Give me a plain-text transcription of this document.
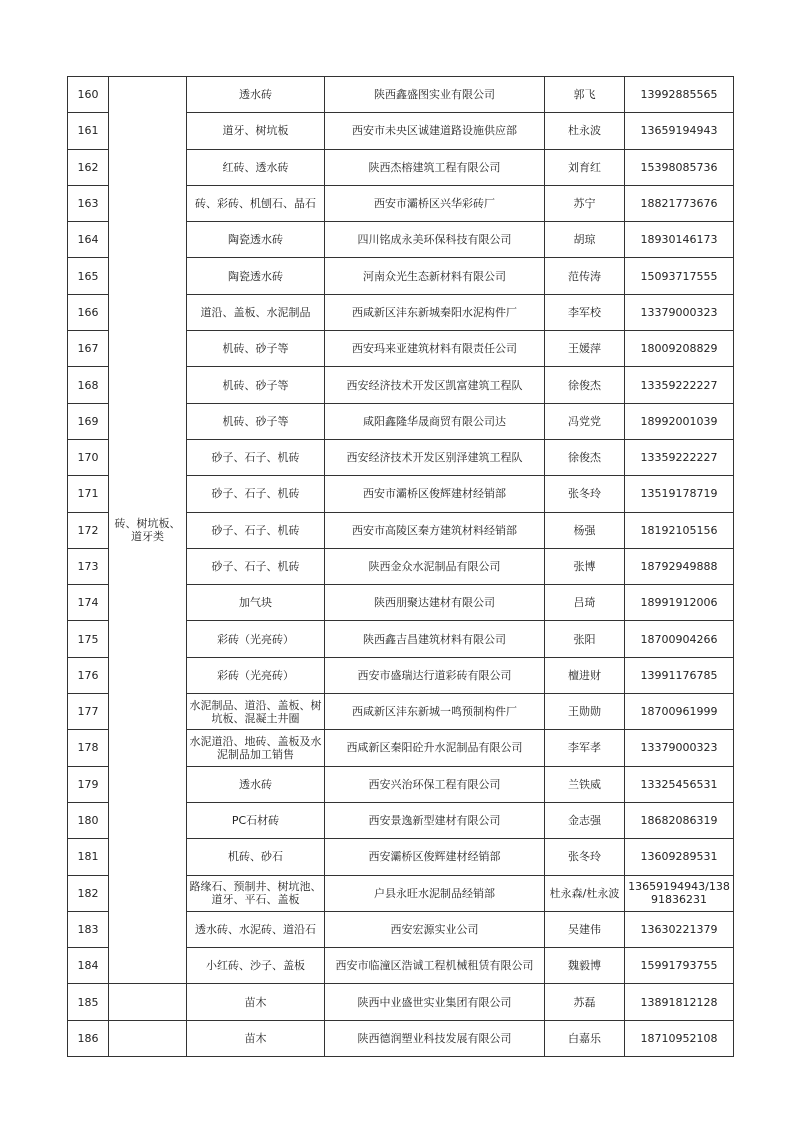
160	砖、树坑板、道牙类	透水砖	陕西鑫盛图实业有限公司	郭飞	13992885565
161		道牙、树坑板	西安市未央区诚建道路设施供应部	杜永波	13659194943
162		红砖、透水砖	陕西杰榕建筑工程有限公司	刘育红	15398085736
163		砖、彩砖、机刨石、晶石	西安市灞桥区兴华彩砖厂	苏宁	18821773676
164		陶瓷透水砖	四川铭成永美环保科技有限公司	胡琼	18930146173
165		陶瓷透水砖	河南众光生态新材料有限公司	范传涛	15093717555
166		道沿、盖板、水泥制品	西咸新区沣东新城秦阳水泥构件厂	李军校	13379000323
167		机砖、砂子等	西安玛来亚建筑材料有限责任公司	王媛萍	18009208829
168		机砖、砂子等	西安经济技术开发区凯富建筑工程队	徐俊杰	13359222227
169		机砖、砂子等	咸阳鑫隆华晟商贸有限公司达	冯党党	18992001039
170		砂子、石子、机砖	西安经济技术开发区别泽建筑工程队	徐俊杰	13359222227
171		砂子、石子、机砖	西安市灞桥区俊辉建材经销部	张冬玲	13519178719
172		砂子、石子、机砖	西安市高陵区秦方建筑材料经销部	杨强	18192105156
173		砂子、石子、机砖	陕西金众水泥制品有限公司	张博	18792949888
174		加气块	陕西朋聚达建材有限公司	吕琦	18991912006
175		彩砖（光亮砖）	陕西鑫吉昌建筑材料有限公司	张阳	18700904266
176		彩砖（光亮砖）	西安市盛瑞达行道彩砖有限公司	檀进财	13991176785
177		水泥制品、道沿、盖板、树坑板、混凝土井圈	西咸新区沣东新城一鸣预制构件厂	王勋勋	18700961999
178		水泥道沿、地砖、盖板及水泥制品加工销售	西咸新区秦阳砼升水泥制品有限公司	李军孝	13379000323
179		透水砖	西安兴治环保工程有限公司	兰铁威	13325456531
180		PC石材砖	西安景逸新型建材有限公司	金志强	18682086319
181		机砖、砂石	西安灞桥区俊辉建材经销部	张冬玲	13609289531
182		路缘石、预制井、树坑池、道牙、平石、盖板	户县永旺水泥制品经销部	杜永森/杜永波	13659194943/13891836231
183		透水砖、水泥砖、道沿石	西安宏源实业公司	吴建伟	13630221379
184		小红砖、沙子、盖板	西安市临潼区浩诚工程机械租赁有限公司	魏毅博	15991793755
185		苗木	陕西中业盛世实业集团有限公司	苏磊	13891812128
186		苗木	陕西德润塑业科技发展有限公司	白嘉乐	18710952108
